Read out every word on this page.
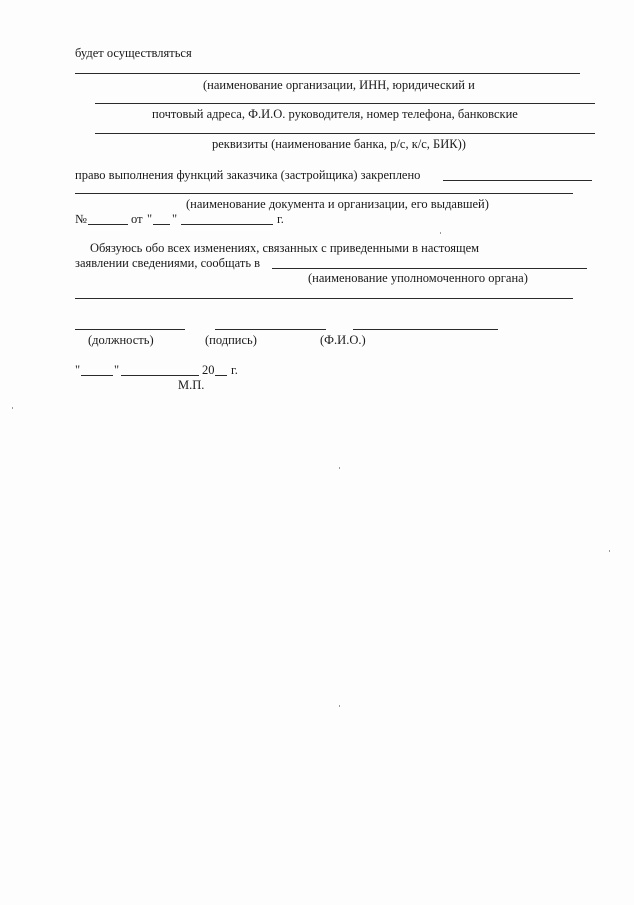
будет осуществляться
(наименование организации, ИНН, юридический и
почтовый адреса, Ф.И.О. руководителя, номер телефона, банковские
реквизиты (наименование банка, р/с, к/с, БИК))
право выполнения функций заказчика (застройщика) закреплено
(наименование документа и организации, его выдавшей)
№	от " "	г.
Обязуюсь обо всех изменениях, связанных с приведенными в настоящем
заявлении сведениями, сообщать в
(наименование уполномоченного органа)
(должность)	(подпись)	(Ф.И.О.)
"	"	20 г.
М.П.
